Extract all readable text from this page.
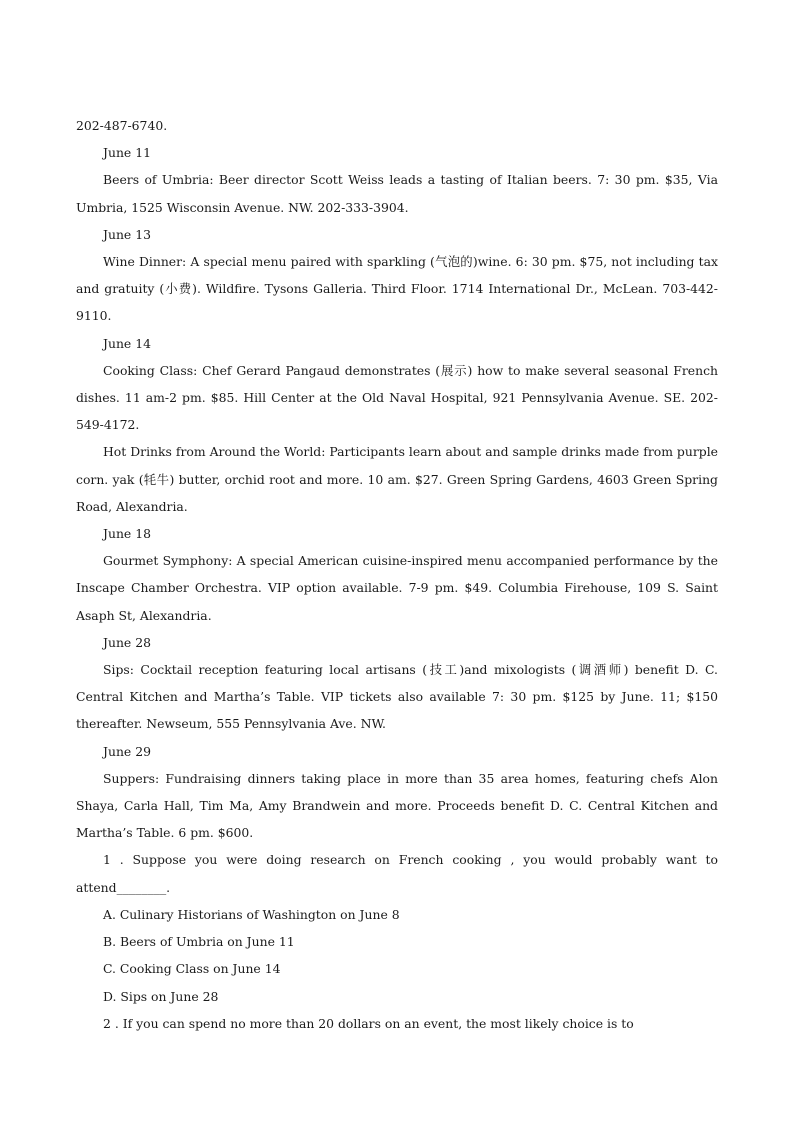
202-487-6740.

June 11

Beers of Umbria: Beer director Scott Weiss leads a tasting of Italian beers. 7: 30 pm. $35, Via Umbria, 1525 Wisconsin Avenue. NW. 202-333-3904.

June 13

Wine Dinner: A special menu paired with sparkling (气泡的)wine. 6: 30 pm. $75, not including tax and gratuity (小费). Wildfire. Tysons Galleria. Third Floor. 1714 International Dr., McLean. 703-442-9110.

June 14

Cooking Class: Chef Gerard Pangaud demonstrates (展示) how to make several seasonal French dishes. 11 am-2 pm. $85. Hill Center at the Old Naval Hospital, 921 Pennsylvania Avenue. SE. 202-549-4172.

Hot Drinks from Around the World: Participants learn about and sample drinks made from purple corn. yak (牦牛) butter, orchid root and more. 10 am. $27. Green Spring Gardens, 4603 Green Spring Road, Alexandria.

June 18

Gourmet Symphony: A special American cuisine-inspired menu accompanied performance by the Inscape Chamber Orchestra. VIP option available. 7-9 pm. $49. Columbia Firehouse, 109 S. Saint Asaph St, Alexandria.

June 28

Sips: Cocktail reception featuring local artisans (技工)and mixologists (调酒师) benefit D. C. Central Kitchen and Martha’s Table. VIP tickets also available 7: 30 pm. $125 by June. 11; $150 thereafter. Newseum, 555 Pennsylvania Ave. NW.

June 29

Suppers: Fundraising dinners taking place in more than 35 area homes, featuring chefs Alon Shaya, Carla Hall, Tim Ma, Amy Brandwein and more. Proceeds benefit D. C. Central Kitchen and Martha’s Table. 6 pm. $600.

1 . Suppose you were doing research on French cooking , you would probably want to attend________.

A. Culinary Historians of Washington on June 8

B. Beers of Umbria on June 11

C. Cooking Class on June 14

D. Sips on June 28

2 . If you can spend no more than 20 dollars on an event, the most likely choice is to
